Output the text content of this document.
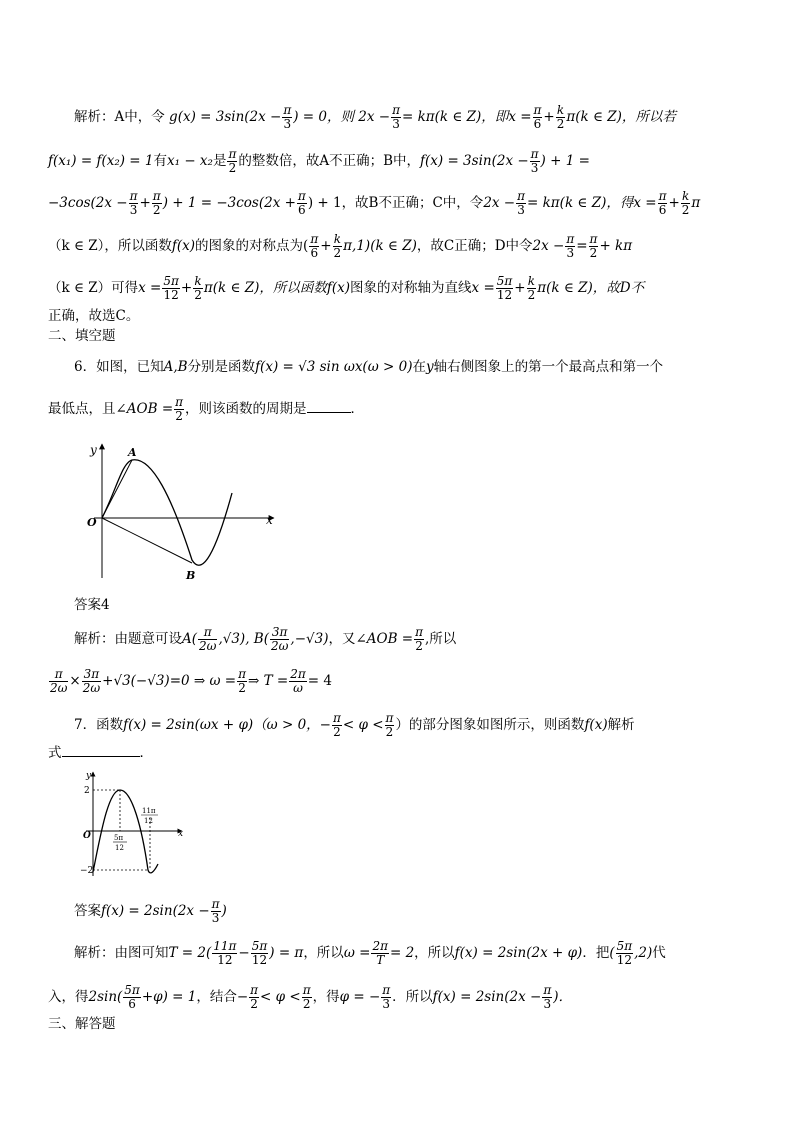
解析：A中，令 $g(x) = 3\sin(2x - \frac{\pi}{3}$ ) = 0，则 $2x - \frac{\pi}{3} = k\pi(k$ ∈ Z)，即$x = \frac{\pi}{6} + \frac{k}{2} \pi(k$ ∈ Z)，所以若
f(x₁) = f(x₂) = 1有x₁ − x₂是 $\frac{\pi}{2}$ 的整数倍，故A不正确；B中，$f(x) = 3\sin(2x - \frac{\pi}{3}$ ) + 1 =
$-3\cos(2x - \frac{\pi}{3} + \frac{\pi}{2}$ ) + $1 = -3\cos(2x + \frac{\pi}{6}$ ) + 1，故B不正确；C中，令$2x - \frac{\pi}{3} = k\pi(k$ ∈ Z)，得$x = \frac{\pi}{6} + \frac{k}{2}$ π
（k ∈ Z），所以函数f(x)的图象的对称点为( $\frac{\pi}{6} + \frac{k}{2} \pi,1)(k$ ∈ Z)，故C正确；D中令$2x - \frac{\pi}{3} = \frac{\pi}{2} + k\pi$
（k ∈ Z）可得$x = \frac{5\pi}{12} + \frac{k}{2} \pi(k$ ∈ Z)，所以函数f(x)图象的对称轴为直线$x = \frac{5\pi}{12} + \frac{k}{2} \pi(k$ ∈ Z)，故D不
正确，故选C。
二、填空题
6．如图，已知A,B分别是函数f(x) = √3 sin ωx(ω > 0)在y轴右侧图象上的第一个最高点和第一个
最低点，且∠AOB = $\frac{\pi}{2}$ ，则该函数的周期是	．
y
x
O
A
B
答案4
解析：由题意可设$A( \frac{\pi}{2\omega} ,√3)$, $B( \frac{3\pi}{2\omega} ,-√3)$，又∠AOB = $\frac{\pi}{2}$ ,所以
$\frac{\pi}{2\omega} \times \frac{3\pi}{2\omega} +√3(-√3)=0$ ⇒ $\omega = \frac{\pi}{2}$ ⇒ $T = \frac{2\pi}{\omega} = 4$
7．函数f(x) = 2sin(ωx + φ)（ω > 0，− $\frac{\pi}{2} < \varphi < \frac{\pi}{2}$ ）的部分图象如图所示，则函数f(x)解析
式	．
y
x
O
2
−2
5π
12
11π
12
答案$f(x) = 2\sin(2x - \frac{\pi}{3}$ )
解析：由图可知$T = 2( \frac{11\pi}{12} - \frac{5\pi}{12}$ ) = π，所以$\omega = \frac{2\pi}{T} = 2$，所以f(x) = 2sin(2x + φ)．把( $\frac{5\pi}{12} ,2$)代
入，得$2\sin( \frac{5\pi}{6} +\varphi) = 1$，结合− $\frac{\pi}{2} < \varphi < \frac{\pi}{2}$ ，得φ = − $\frac{\pi}{3}$ ．所以$f(x) = 2\sin(2x - \frac{\pi}{3}$ )．
三、解答题
